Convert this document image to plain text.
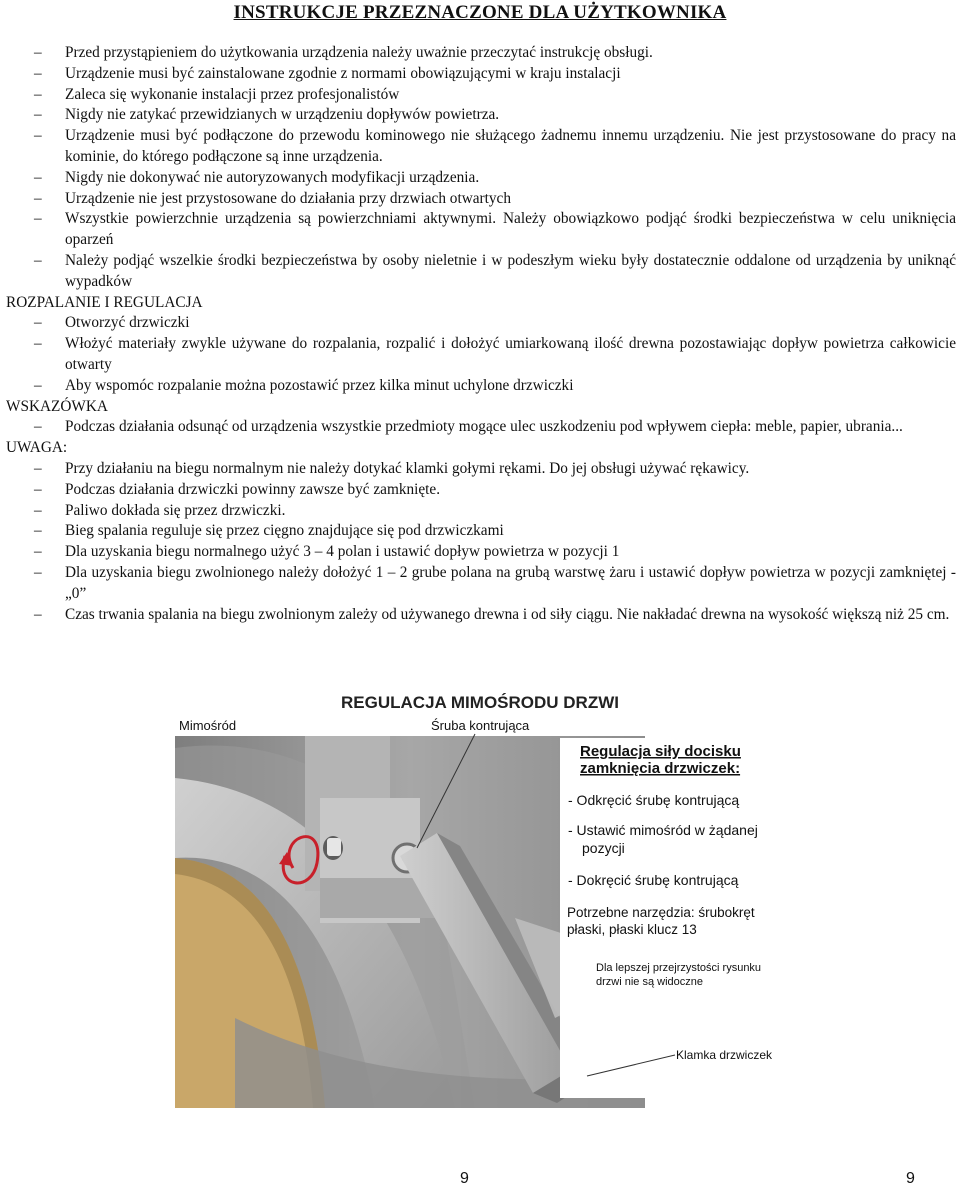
INSTRUKCJE PRZEZNACZONE DLA UŻYTKOWNIKA
– Przed przystąpieniem do użytkowania urządzenia należy uważnie przeczytać instrukcję obsługi.
– Urządzenie musi być zainstalowane zgodnie z normami obowiązującymi w kraju instalacji
– Zaleca się wykonanie instalacji przez profesjonalistów
– Nigdy nie zatykać przewidzianych w urządzeniu dopływów powietrza.
– Urządzenie musi być podłączone do przewodu kominowego nie służącego żadnemu innemu urządzeniu. Nie jest przystosowane do pracy na kominie, do którego podłączone są inne urządzenia.
– Nigdy nie dokonywać nie autoryzowanych modyfikacji urządzenia.
– Urządzenie nie jest przystosowane do działania przy drzwiach otwartych
– Wszystkie powierzchnie urządzenia są powierzchniami aktywnymi. Należy obowiązkowo podjąć środki bezpieczeństwa w celu uniknięcia oparzeń
– Należy podjąć wszelkie środki bezpieczeństwa by osoby nieletnie i w podeszłym wieku były dostatecznie oddalone od urządzenia by uniknąć wypadków
ROZPALANIE I REGULACJA
– Otworzyć drzwiczki
– Włożyć materiały zwykle używane do rozpalania, rozpalić i dołożyć umiarkowaną ilość drewna pozostawiając dopływ powietrza całkowicie otwarty
– Aby wspomóc rozpalanie można pozostawić przez kilka minut uchylone drzwiczki
WSKAZÓWKA
– Podczas działania odsunąć od urządzenia wszystkie przedmioty mogące ulec uszkodzeniu pod wpływem ciepła: meble, papier, ubrania...
UWAGA:
– Przy działaniu na biegu normalnym nie należy dotykać klamki gołymi rękami. Do jej obsługi używać rękawicy.
– Podczas działania drzwiczki powinny zawsze być zamknięte.
– Paliwo dokłada się przez drzwiczki.
– Bieg spalania reguluje się przez cięgno znajdujące się pod drzwiczkami
– Dla uzyskania biegu normalnego użyć 3 – 4 polan i ustawić dopływ powietrza w pozycji 1
– Dla uzyskania biegu zwolnionego należy dołożyć 1 – 2 grube polana na grubą warstwę żaru i ustawić dopływ powietrza w pozycji zamkniętej - „0”
– Czas trwania spalania na biegu zwolnionym zależy od używanego drewna i od siły ciągu. Nie nakładać drewna na wysokość większą niż 25 cm.
REGULACJA MIMOŚRODU DRZWI
Mimośród	Śruba kontrująca
Regulacja siły docisku
zamknięcia drzwiczek:
- Odkręcić śrubę kontrującą
- Ustawić mimośród w żądanej
pozycji
- Dokręcić śrubę kontrującą
Potrzebne narzędzia: śrubokręt
płaski, płaski klucz 13
Dla lepszej przejrzystości rysunku
drzwi nie są widoczne
Klamka drzwiczek
9	9
